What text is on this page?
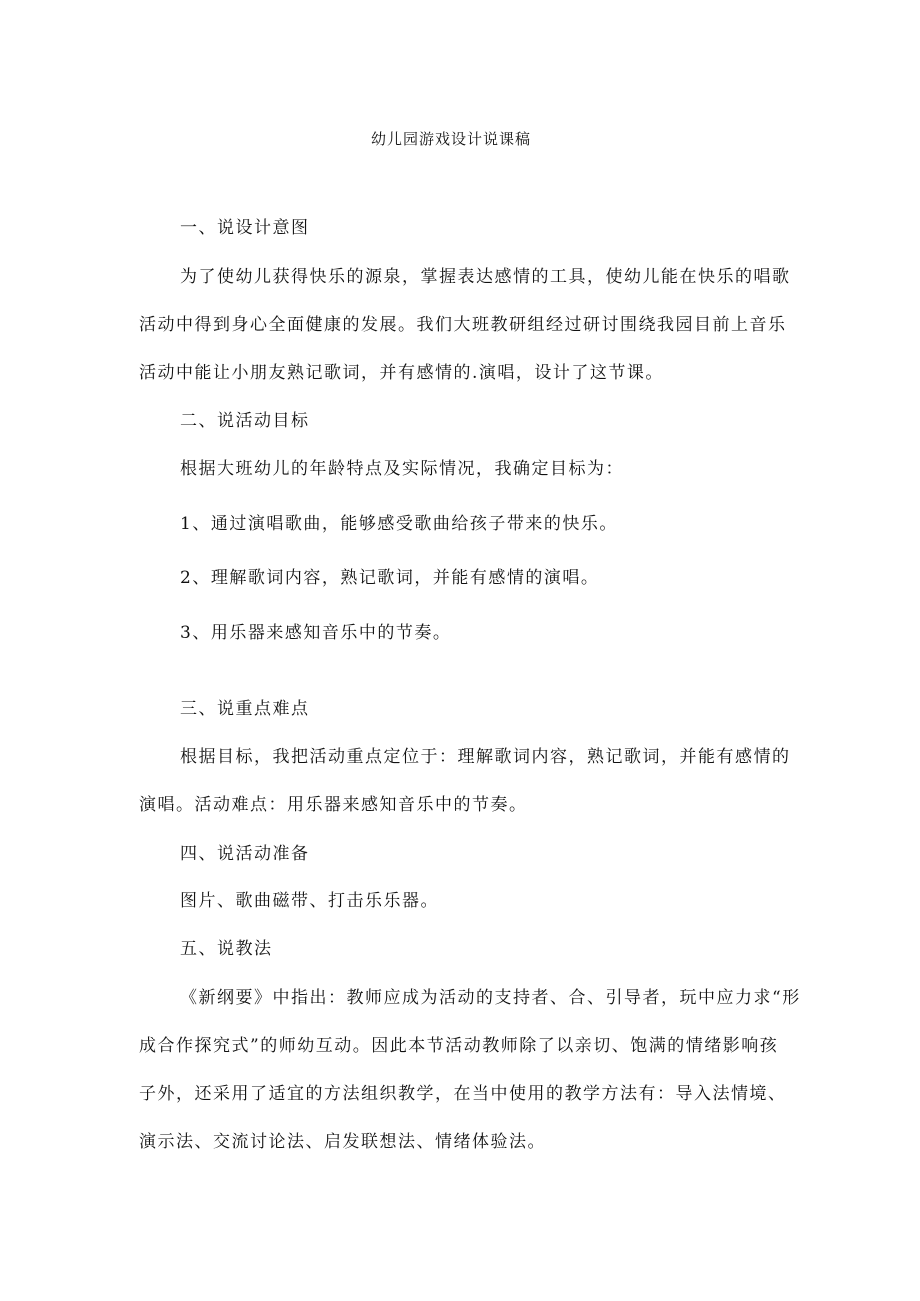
幼儿园游戏设计说课稿
一、说设计意图
为了使幼儿获得快乐的源泉，掌握表达感情的工具，使幼儿能在快乐的唱歌
活动中得到身心全面健康的发展。我们大班教研组经过研讨围绕我园目前上音乐
活动中能让小朋友熟记歌词，并有感情的.演唱，设计了这节课。
二、说活动目标
根据大班幼儿的年龄特点及实际情况，我确定目标为：
1、通过演唱歌曲，能够感受歌曲给孩子带来的快乐。
2、理解歌词内容，熟记歌词，并能有感情的演唱。
3、用乐器来感知音乐中的节奏。
三、说重点难点
根据目标，我把活动重点定位于：理解歌词内容，熟记歌词，并能有感情的
演唱。活动难点：用乐器来感知音乐中的节奏。
四、说活动准备
图片、歌曲磁带、打击乐乐器。
五、说教法
《新纲要》中指出：教师应成为活动的支持者、合、引导者，玩中应力求“形
成合作探究式”的师幼互动。因此本节活动教师除了以亲切、饱满的情绪影响孩
子外，还采用了适宜的方法组织教学，在当中使用的教学方法有：导入法情境、
演示法、交流讨论法、启发联想法、情绪体验法。
